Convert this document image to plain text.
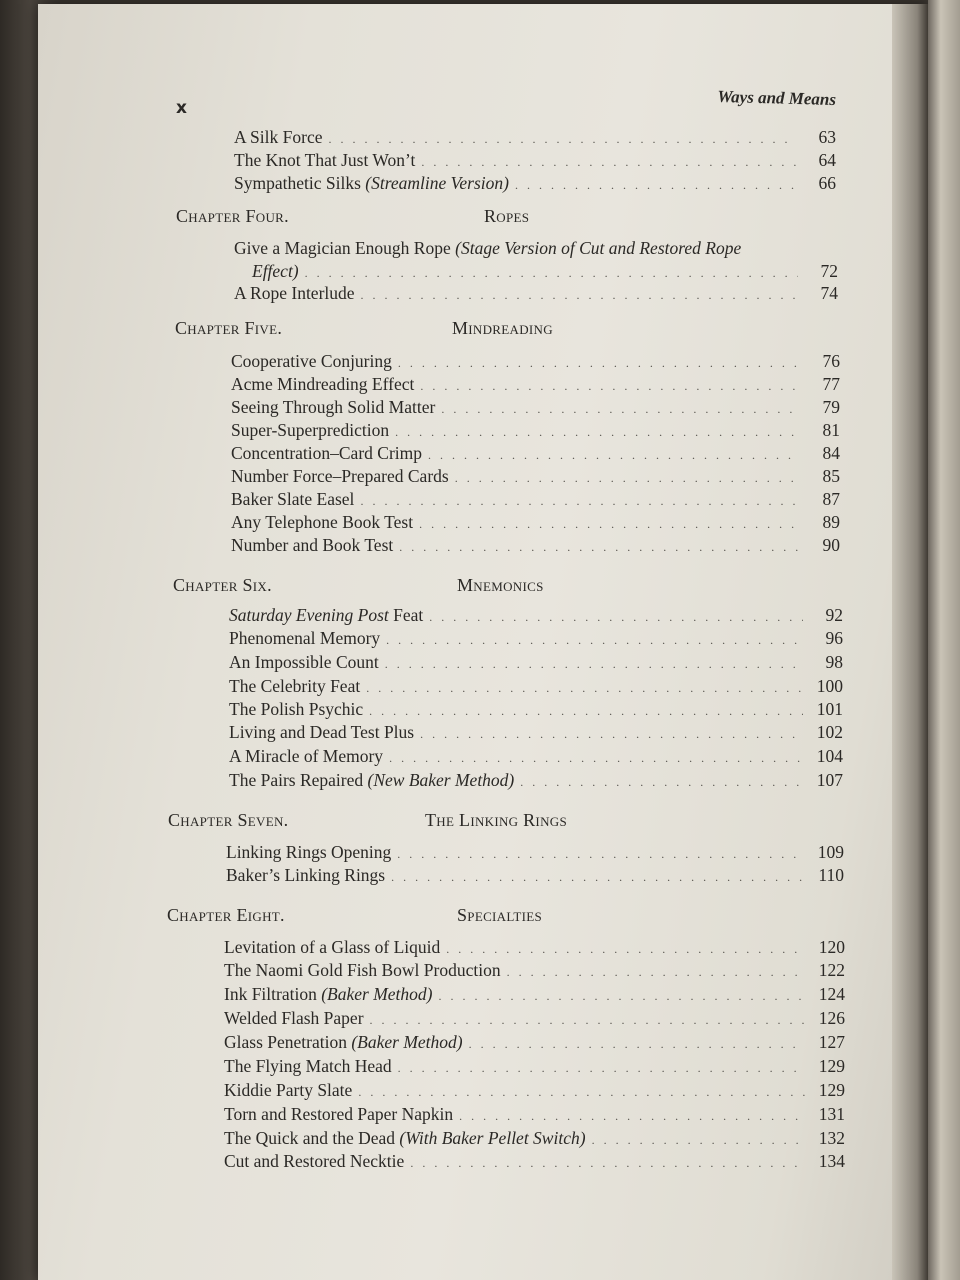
x	Ways and Means
A Silk Force . . .	63
The Knot That Just Won’t . . .	64
Sympathetic Silks (Streamline Version) . . .	66
Chapter Four.	Ropes
Give a Magician Enough Rope (Stage Version of Cut and Restored Rope
Effect) . . .	72
A Rope Interlude . . .	74
Chapter Five.	Mindreading
Cooperative Conjuring . . .	76
Acme Mindreading Effect . . .	77
Seeing Through Solid Matter . . .	79
Super-Superprediction . . .	81
Concentration–Card Crimp . . .	84
Number Force–Prepared Cards . . .	85
Baker Slate Easel . . .	87
Any Telephone Book Test . . .	89
Number and Book Test . . .	90
Chapter Six.	Mnemonics
Saturday Evening Post Feat . . .	92
Phenomenal Memory . . .	96
An Impossible Count . . .	98
The Celebrity Feat . . .	100
The Polish Psychic . . .	101
Living and Dead Test Plus . . .	102
A Miracle of Memory . . .	104
The Pairs Repaired (New Baker Method) . . .	107
Chapter Seven.	The Linking Rings
Linking Rings Opening . . .	109
Baker’s Linking Rings . . .	110
Chapter Eight.	Specialties
Levitation of a Glass of Liquid . . .	120
The Naomi Gold Fish Bowl Production . . .	122
Ink Filtration (Baker Method) . . .	124
Welded Flash Paper . . .	126
Glass Penetration (Baker Method) . . .	127
The Flying Match Head . . .	129
Kiddie Party Slate . . .	129
Torn and Restored Paper Napkin . . .	131
The Quick and the Dead (With Baker Pellet Switch) . . .	132
Cut and Restored Necktie . . .	134
